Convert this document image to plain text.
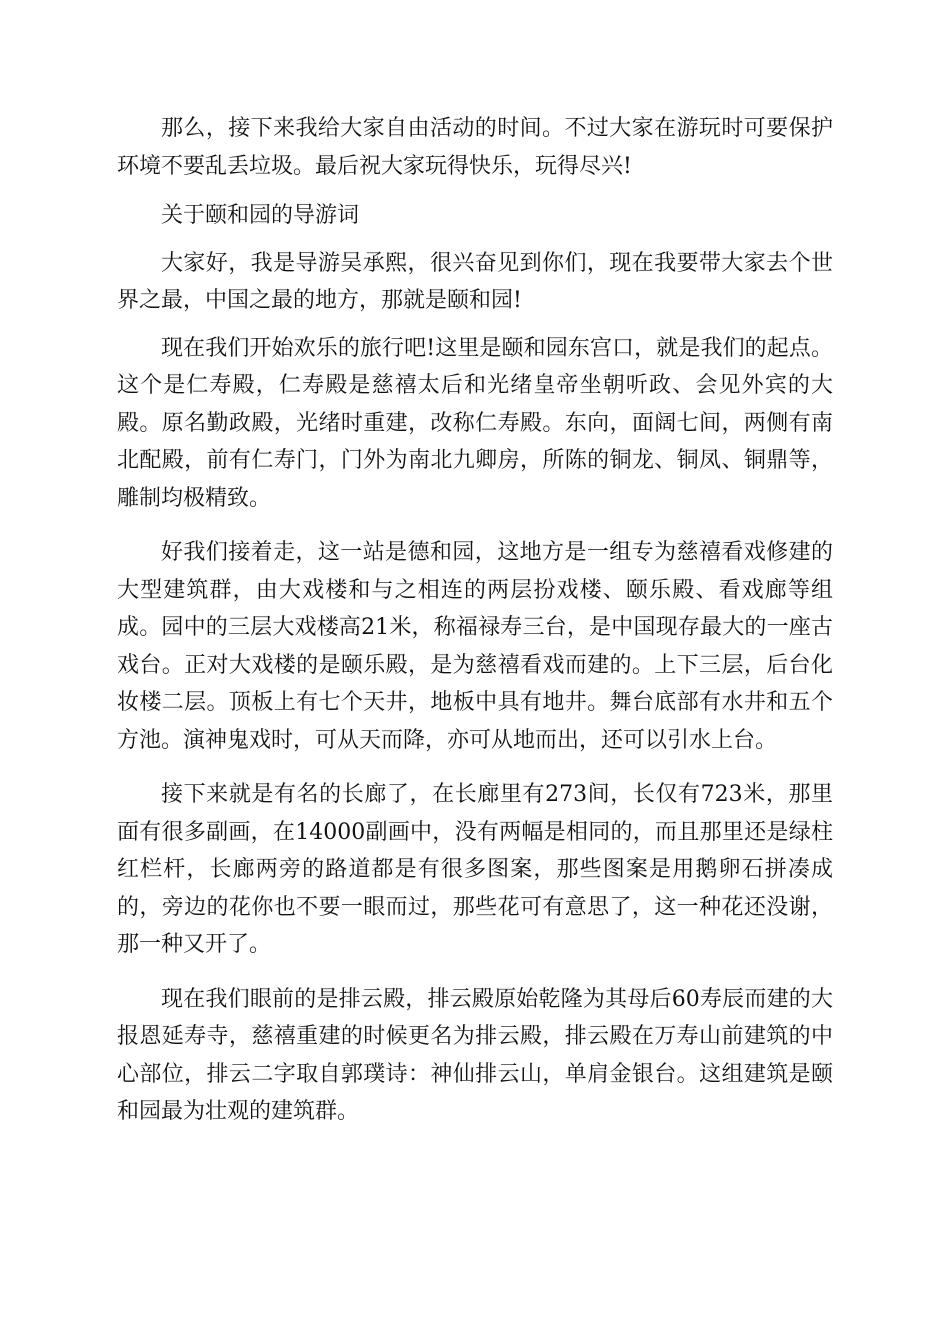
那么，接下来我给大家自由活动的时间。不过大家在游玩时可要保护环境不要乱丢垃圾。最后祝大家玩得快乐，玩得尽兴!

关于颐和园的导游词

大家好，我是导游吴承熙，很兴奋见到你们，现在我要带大家去个世界之最，中国之最的地方，那就是颐和园!

现在我们开始欢乐的旅行吧!这里是颐和园东宫口，就是我们的起点。这个是仁寿殿，仁寿殿是慈禧太后和光绪皇帝坐朝听政、会见外宾的大殿。原名勤政殿，光绪时重建，改称仁寿殿。东向，面阔七间，两侧有南北配殿，前有仁寿门，门外为南北九卿房，所陈的铜龙、铜凤、铜鼎等，雕制均极精致。

好我们接着走，这一站是德和园，这地方是一组专为慈禧看戏修建的大型建筑群，由大戏楼和与之相连的两层扮戏楼、颐乐殿、看戏廊等组成。园中的三层大戏楼高21米，称福禄寿三台，是中国现存最大的一座古戏台。正对大戏楼的是颐乐殿，是为慈禧看戏而建的。上下三层，后台化妆楼二层。顶板上有七个天井，地板中具有地井。舞台底部有水井和五个方池。演神鬼戏时，可从天而降，亦可从地而出，还可以引水上台。

接下来就是有名的长廊了，在长廊里有273间，长仅有723米，那里面有很多副画，在14000副画中，没有两幅是相同的，而且那里还是绿柱红栏杆，长廊两旁的路道都是有很多图案，那些图案是用鹅卵石拼凑成的，旁边的花你也不要一眼而过，那些花可有意思了，这一种花还没谢，那一种又开了。

现在我们眼前的是排云殿，排云殿原始乾隆为其母后60寿辰而建的大报恩延寿寺，慈禧重建的时候更名为排云殿，排云殿在万寿山前建筑的中心部位，排云二字取自郭璞诗：神仙排云山，单肩金银台。这组建筑是颐和园最为壮观的建筑群。
